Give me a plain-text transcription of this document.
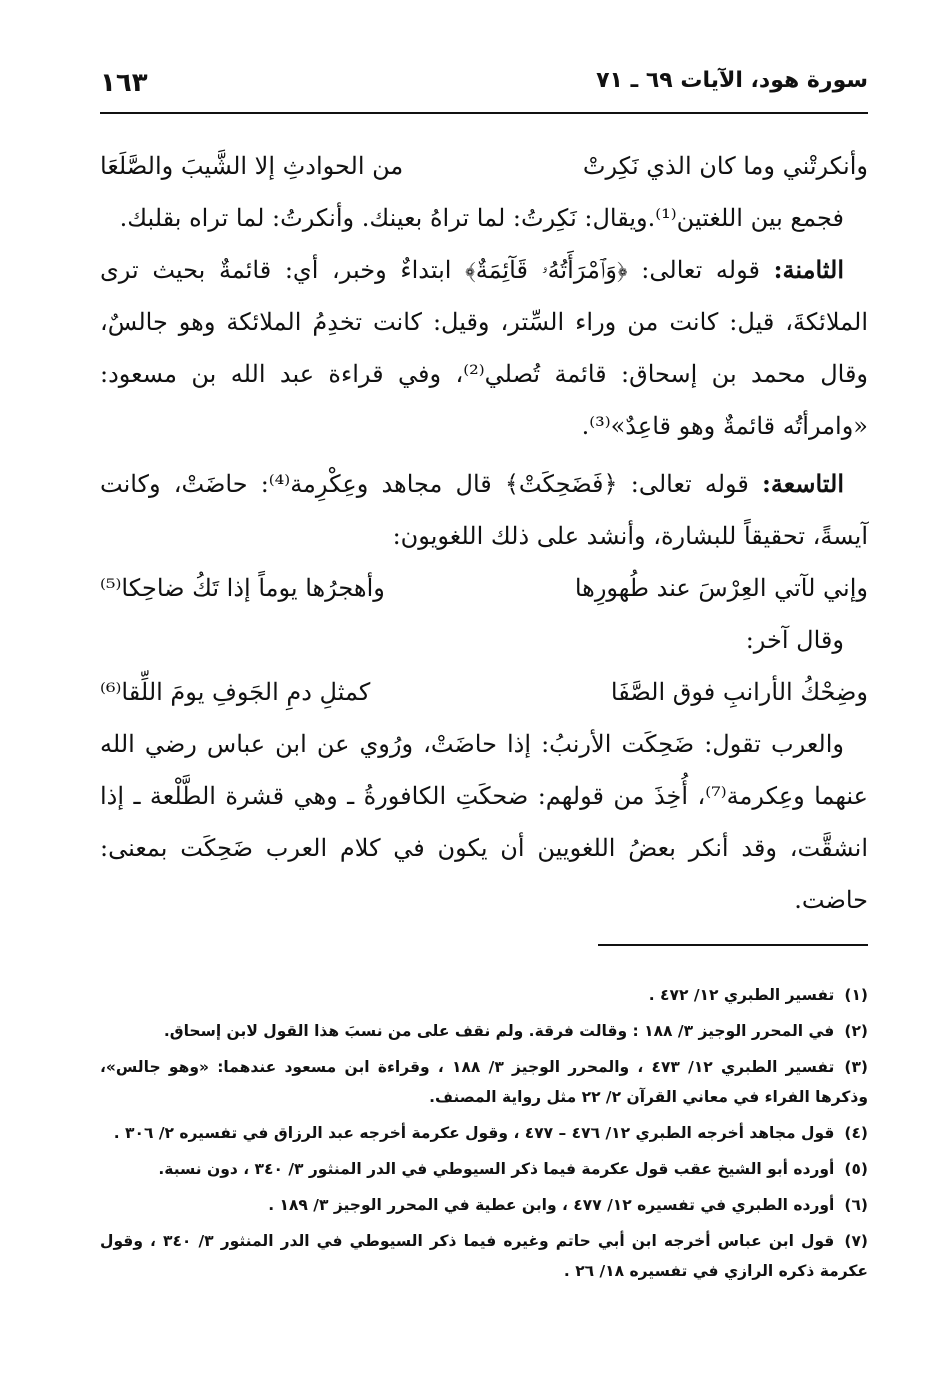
سورة هود، الآيات ٦٩ ـ ٧١
١٦٣
وأنكرتْني وما كان الذي نَكِرتْ
من الحوادثِ إلا الشَّيبَ والصَّلَعَا
فجمع بين اللغتين⁽¹⁾.ويقال: نَكِرتُ: لما تراهُ بعينك. وأنكرتُ: لما تراه بقلبك.
الثامنة: قوله تعالى: ﴿وَٱمْرَأَتُهُۥ قَآئِمَةٌ﴾ ابتداءٌ وخبر، أي: قائمةٌ بحيث ترى الملائكةَ، قيل: كانت من وراء السِّتر، وقيل: كانت تخدِمُ الملائكة وهو جالسٌ، وقال محمد بن إسحاق: قائمة تُصلي⁽²⁾، وفي قراءة عبد الله بن مسعود: «وامرأتُه قائمةٌ وهو قاعِدٌ»⁽³⁾.
التاسعة: قوله تعالى: ﴿فَضَحِكَتْ﴾ قال مجاهد وعِكْرِمة⁽⁴⁾: حاضَتْ، وكانت آيسةً، تحقيقاً للبشارة، وأنشد على ذلك اللغويون:
وإني لآتي العِرْسَ عند طُهورِها
وأهجرُها يوماً إذا تَكُ ضاحِكا⁽⁵⁾
وقال آخر:
وضِحْكُ الأرانبِ فوق الصَّفَا
كمثلِ دمِ الجَوفِ يومَ اللِّقا⁽⁶⁾
والعرب تقول: ضَحِكَت الأرنبُ: إذا حاضَتْ، ورُوي عن ابن عباس رضي الله عنهما وعِكرمة⁽⁷⁾، أُخِذَ من قولهم: ضحكَتِ الكافورةُ ـ وهي قشرة الطَّلْعة ـ إذا انشقَّت، وقد أنكر بعضُ اللغويين أن يكون في كلام العرب ضَحِكَت بمعنى: حاضت.
(١)تفسير الطبري ١٢/ ٤٧٢ .
(٢)في المحرر الوجيز ٣/ ١٨٨ : وقالت فرقة. ولم نقف على من نسبَ هذا القول لابن إسحاق.
(٣)تفسير الطبري ١٢/ ٤٧٣ ، والمحرر الوجيز ٣/ ١٨٨ ، وقراءة ابن مسعود عندهما: «وهو جالس»، وذكرها الفراء في معاني القرآن ٢/ ٢٢ مثل رواية المصنف.
(٤)قول مجاهد أخرجه الطبري ١٢/ ٤٧٦ – ٤٧٧ ، وقول عكرمة أخرجه عبد الرزاق في تفسيره ٢/ ٣٠٦ .
(٥)أورده أبو الشيخ عقب قول عكرمة فيما ذكر السيوطي في الدر المنثور ٣/ ٣٤٠ ، دون نسبة.
(٦)أورده الطبري في تفسيره ١٢/ ٤٧٧ ، وابن عطية في المحرر الوجيز ٣/ ١٨٩ .
(٧)قول ابن عباس أخرجه ابن أبي حاتم وغيره فيما ذكر السيوطي في الدر المنثور ٣/ ٣٤٠ ، وقول عكرمة ذكره الرازي في تفسيره ١٨/ ٢٦ .
